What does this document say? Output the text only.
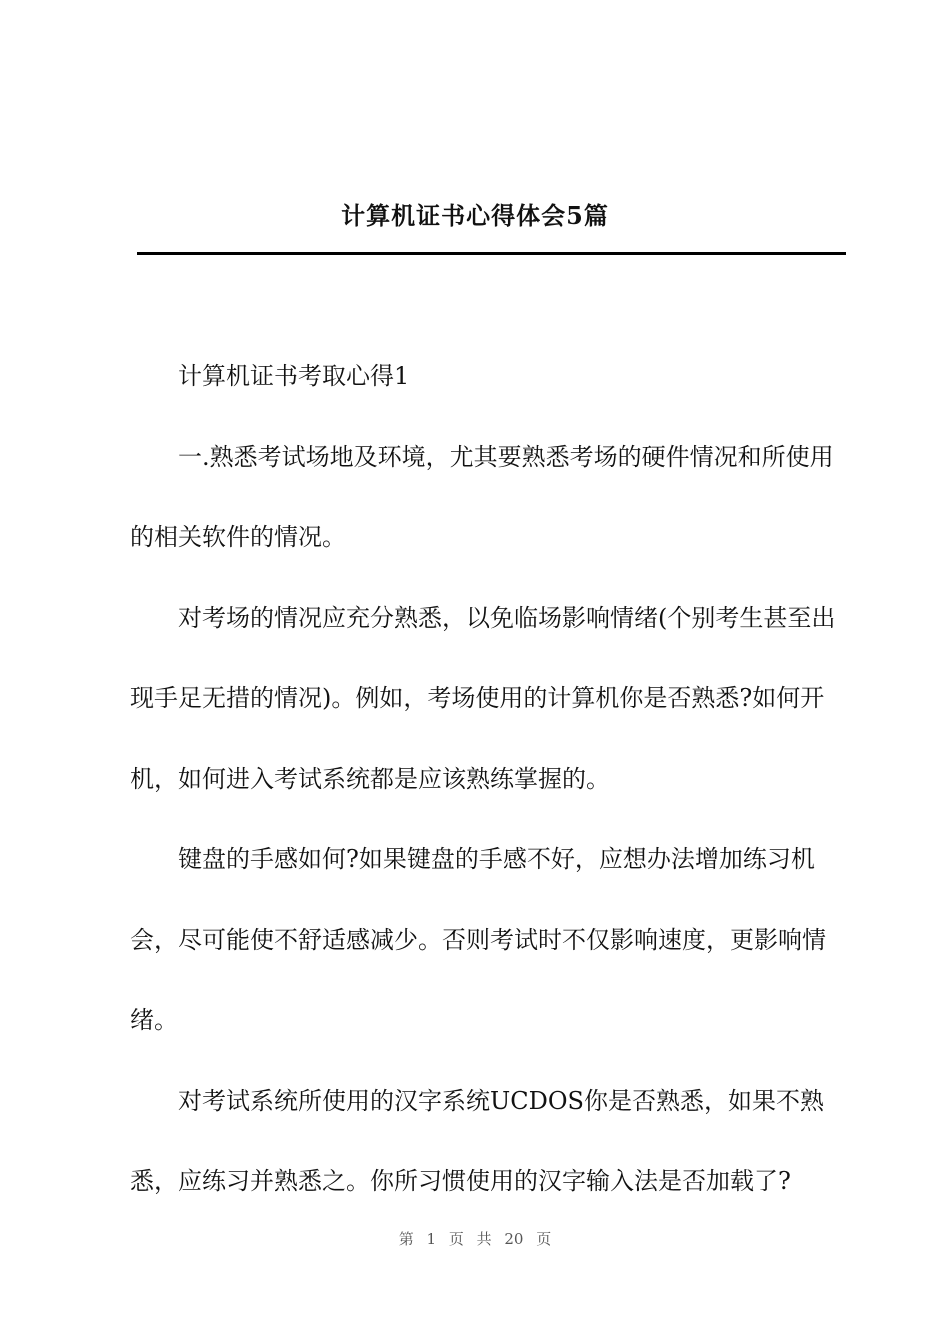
计算机证书心得体会5篇

计算机证书考取心得1

一.熟悉考试场地及环境，尤其要熟悉考场的硬件情况和所使用的相关软件的情况。

对考场的情况应充分熟悉，以免临场影响情绪(个别考生甚至出现手足无措的情况)。例如，考场使用的计算机你是否熟悉?如何开机，如何进入考试系统都是应该熟练掌握的。

键盘的手感如何?如果键盘的手感不好，应想办法增加练习机会，尽可能使不舒适感减少。否则考试时不仅影响速度，更影响情绪。

对考试系统所使用的汉字系统UCDOS你是否熟悉，如果不熟悉，应练习并熟悉之。你所习惯使用的汉字输入法是否加载了?

第 1 页 共 20 页
